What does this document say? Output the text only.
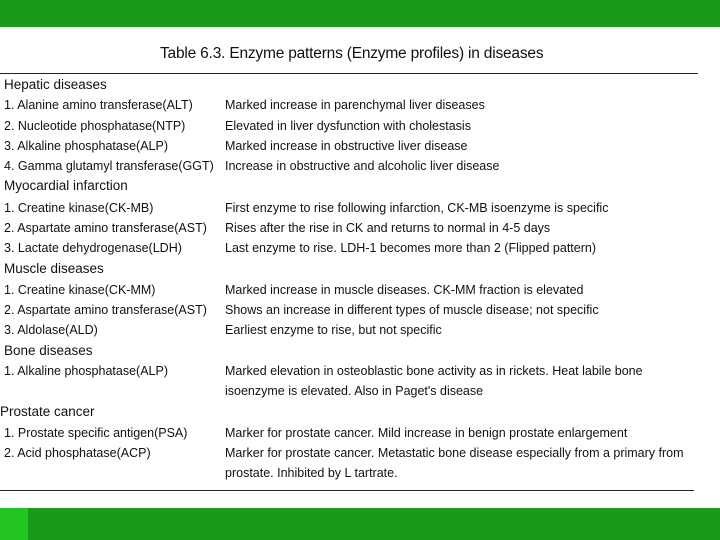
Table 6.3. Enzyme patterns (Enzyme profiles) in diseases
Hepatic diseases
1. Alanine amino transferase(ALT)	Marked increase in parenchymal liver diseases
2. Nucleotide phosphatase(NTP)	Elevated in liver dysfunction with cholestasis
3. Alkaline phosphatase(ALP)	Marked increase in obstructive liver disease
4. Gamma glutamyl transferase(GGT) Increase in obstructive and alcoholic liver disease
Myocardial infarction
1. Creatine kinase(CK-MB)	First enzyme to rise following infarction, CK-MB isoenzyme is specific
2. Aspartate amino transferase(AST) Rises after the rise in CK and returns to normal in 4-5 days
3. Lactate dehydrogenase(LDH)	Last enzyme to rise. LDH-1 becomes more than 2 (Flipped pattern)
Muscle diseases
1. Creatine kinase(CK-MM)	Marked increase in muscle diseases. CK-MM fraction is elevated
2. Aspartate amino transferase(AST) Shows an increase in different types of muscle disease; not specific
3. Aldolase(ALD)	Earliest enzyme to rise, but not specific
Bone diseases
1. Alkaline phosphatase(ALP)	Marked elevation in osteoblastic bone activity as in rickets. Heat labile bone
isoenzyme is elevated. Also in Paget's disease
Prostate cancer
1. Prostate specific antigen(PSA)	Marker for prostate cancer. Mild increase in benign prostate enlargement
2. Acid phosphatase(ACP)	Marker for prostate cancer. Metastatic bone disease especially from a primary from
prostate. Inhibited by L tartrate.
